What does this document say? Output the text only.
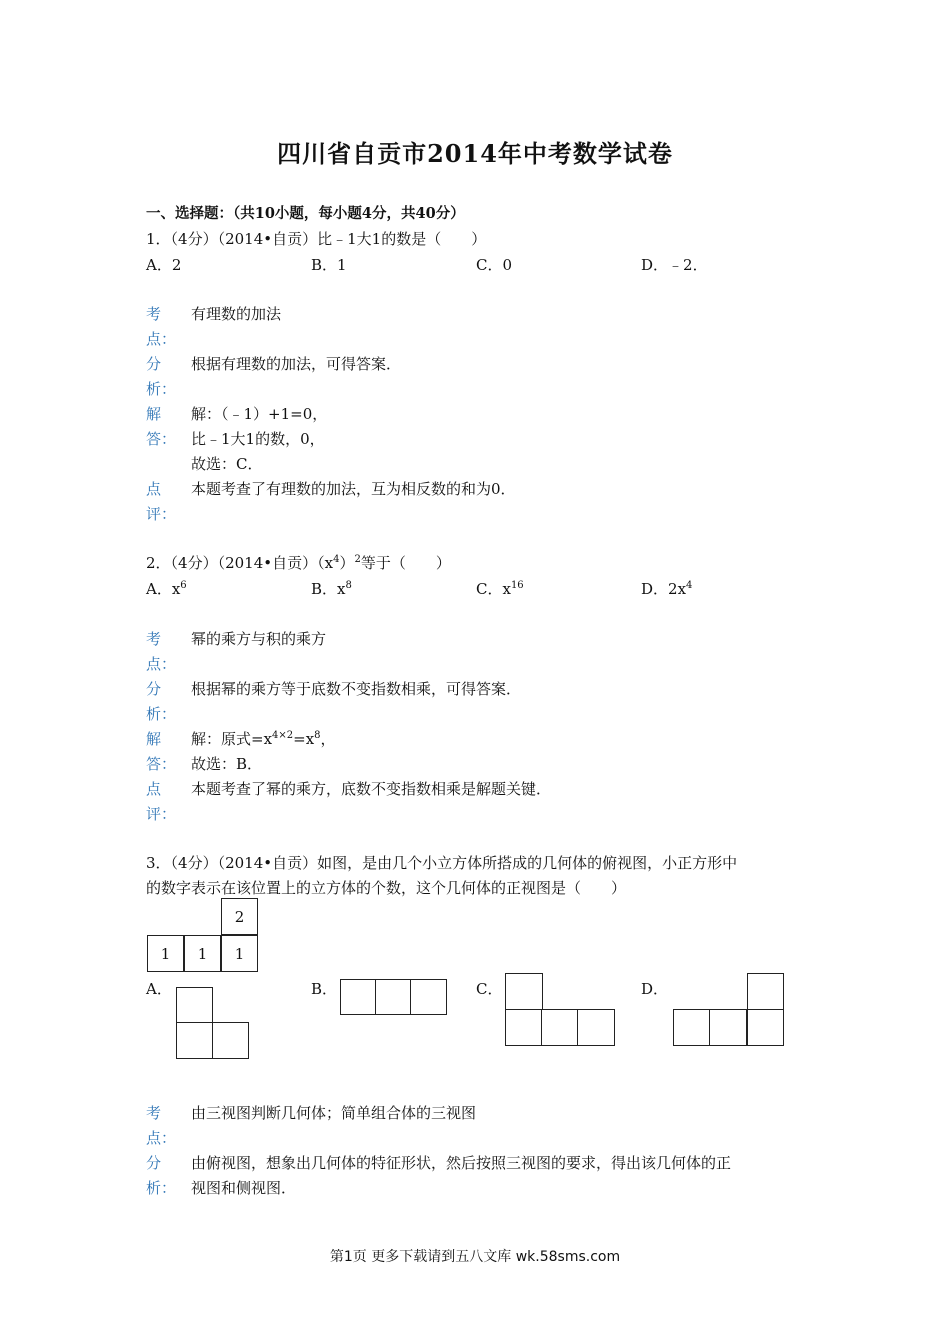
四川省自贡市2014年中考数学试卷
一、选择题：（共10小题，每小题4分，共40分）
1．（4分）（2014•自贡）比﹣1大1的数是（　　）
A．2	B．1	C．0	D．﹣2．
考
点：
有理数的加法
分
析：
根据有理数的加法，可得答案．
解
答：
解：（﹣1）+1=0，
比﹣1大1的数，0，
故选：C．
点
评：
本题考查了有理数的加法，互为相反数的和为0．
2．（4分）（2014•自贡）$(x^4)^2$等于（　　）
A．$x^6$	B．$x^8$	C．$x^{16}$	D．$2x^4$
考
点：
幂的乘方与积的乘方
分
析：
根据幂的乘方等于底数不变指数相乘，可得答案．
解
答：
解：原式$=x^{4\times 2}=x^8$，
故选：B．
点
评：
本题考查了幂的乘方，底数不变指数相乘是解题关键．
3．（4分）（2014•自贡）如图，是由几个小立方体所搭成的几何体的俯视图，小正方形中
的数字表示在该位置上的立方体的个数，这个几何体的正视图是（　　）
2
1	1	1
A．	B．	C．	D．
考
点：
由三视图判断几何体；简单组合体的三视图
分
析：
由俯视图，想象出几何体的特征形状，然后按照三视图的要求，得出该几何体的正
视图和侧视图．
第1页 更多下载请到五八文库 wk.58sms.com
